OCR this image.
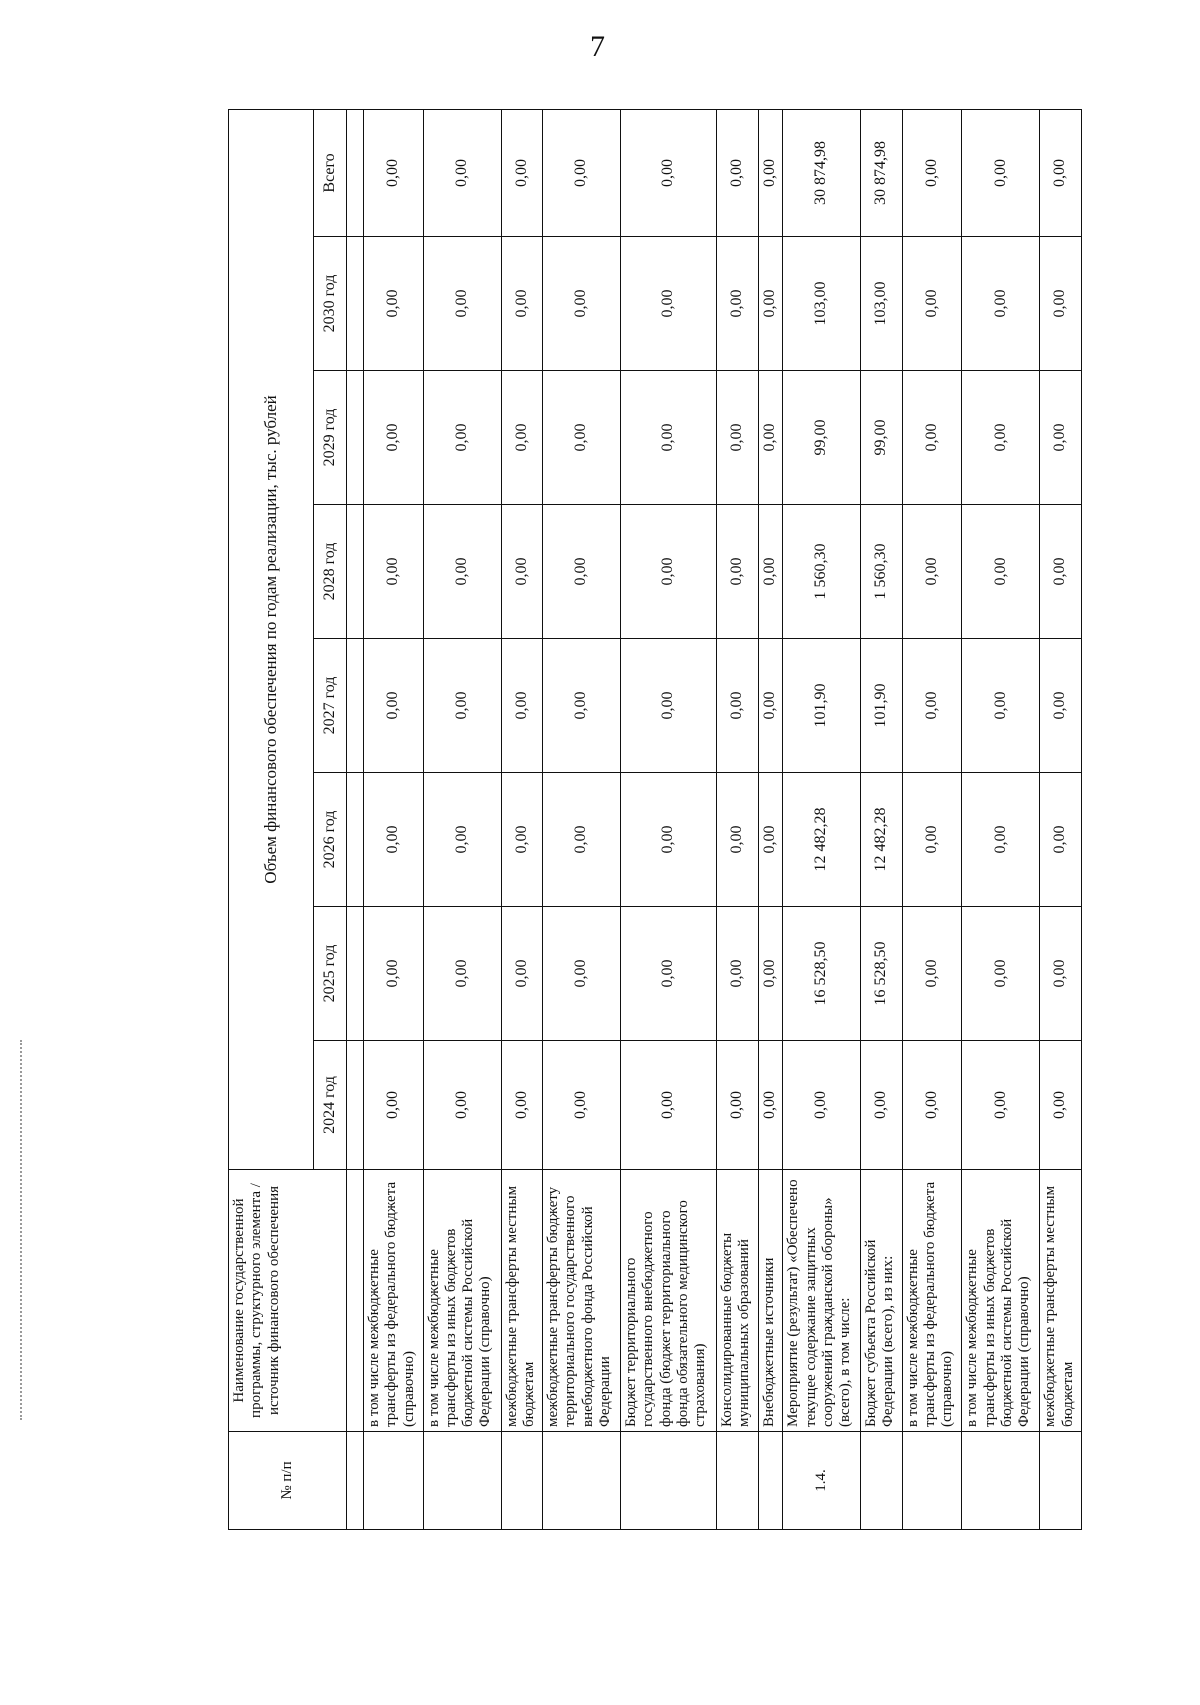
7
№ п/п	Наименование государственной программы, структурного элемента / источник финансового обеспечения	Объем финансового обеспечения по годам реализации, тыс. рублей							
		2024 год	2025 год	2026 год	2027 год	2028 год	2029 год	2030 год	Всего

	в том числе межбюджетные трансферты из федерального бюджета (справочно)	0,00	0,00	0,00	0,00	0,00	0,00	0,00	0,00
	в том числе межбюджетные трансферты из иных бюджетов бюджетной системы Российской Федерации (справочно)	0,00	0,00	0,00	0,00	0,00	0,00	0,00	0,00
	межбюджетные трансферты местным бюджетам	0,00	0,00	0,00	0,00	0,00	0,00	0,00	0,00
	межбюджетные трансферты бюджету территориального государственного внебюджетного фонда Российской Федерации	0,00	0,00	0,00	0,00	0,00	0,00	0,00	0,00
	Бюджет территориального государственного внебюджетного фонда (бюджет территориального фонда обязательного медицинского страхования)	0,00	0,00	0,00	0,00	0,00	0,00	0,00	0,00
	Консолидированные бюджеты муниципальных образований	0,00	0,00	0,00	0,00	0,00	0,00	0,00	0,00
	Внебюджетные источники	0,00	0,00	0,00	0,00	0,00	0,00	0,00	0,00
1.4.	Мероприятие (результат) «Обеспечено текущее содержание защитных сооружений гражданской обороны» (всего), в том числе:	0,00	16 528,50	12 482,28	101,90	1 560,30	99,00	103,00	30 874,98
	Бюджет субъекта Российской Федерации (всего), из них:	0,00	16 528,50	12 482,28	101,90	1 560,30	99,00	103,00	30 874,98
	в том числе межбюджетные трансферты из федерального бюджета (справочно)	0,00	0,00	0,00	0,00	0,00	0,00	0,00	0,00
	в том числе межбюджетные трансферты из иных бюджетов бюджетной системы Российской Федерации (справочно)	0,00	0,00	0,00	0,00	0,00	0,00	0,00	0,00
	межбюджетные трансферты местным бюджетам	0,00	0,00	0,00	0,00	0,00	0,00	0,00	0,00
